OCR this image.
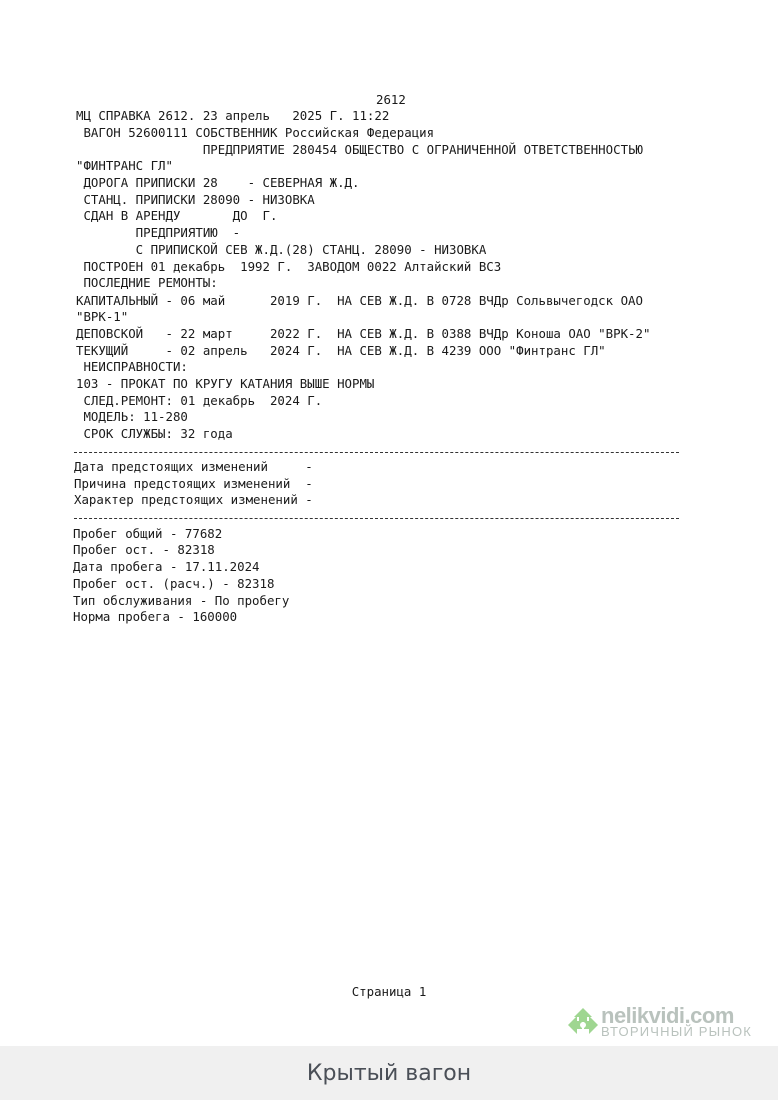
2612
МЦ СПРАВКА 2612. 23 апрель   2025 Г. 11:22
ВАГОН 52600111 СОБСТВЕННИК Российская Федерация
ПРЕДПРИЯТИЕ 280454 ОБЩЕСТВО С ОГРАНИЧЕННОЙ ОТВЕТСТВЕННОСТЬЮ
"ФИНТРАНС ГЛ"
ДОРОГА ПРИПИСКИ 28    - СЕВЕРНАЯ Ж.Д.
СТАНЦ. ПРИПИСКИ 28090 - НИЗОВКА
СДАН В АРЕНДУ       ДО  Г.
ПРЕДПРИЯТИЮ  -
С ПРИПИСКОЙ СЕВ Ж.Д.(28) СТАНЦ. 28090 - НИЗОВКА
ПОСТРОЕН 01 декабрь  1992 Г.  ЗАВОДОМ 0022 Алтайский ВСЗ
ПОСЛЕДНИЕ РЕМОНТЫ:
КАПИТАЛЬНЫЙ - 06 май      2019 Г.  НА СЕВ Ж.Д. В 0728 ВЧДр Сольвычегодск ОАО
"ВРК-1"
ДЕПОВСКОЙ   - 22 март     2022 Г.  НА СЕВ Ж.Д. В 0388 ВЧДр Коноша ОАО "ВРК-2"
ТЕКУЩИЙ     - 02 апрель   2024 Г.  НА СЕВ Ж.Д. В 4239 ООО "Финтранс ГЛ"
НЕИСПРАВНОСТИ:
103 - ПРОКАТ ПО КРУГУ КАТАНИЯ ВЫШЕ НОРМЫ
СЛЕД.РЕМОНТ: 01 декабрь  2024 Г.
МОДЕЛЬ: 11-280
СРОК СЛУЖБЫ: 32 года
Дата предстоящих изменений     -
Причина предстоящих изменений  -
Характер предстоящих изменений -
Пробег общий - 77682
Пробег ост. - 82318
Дата пробега - 17.11.2024
Пробег ост. (расч.) - 82318
Тип обслуживания - По пробегу
Норма пробега - 160000
Страница 1
nelikvidi.com
ВТОРИЧНЫЙ РЫНОК
Крытый вагон
